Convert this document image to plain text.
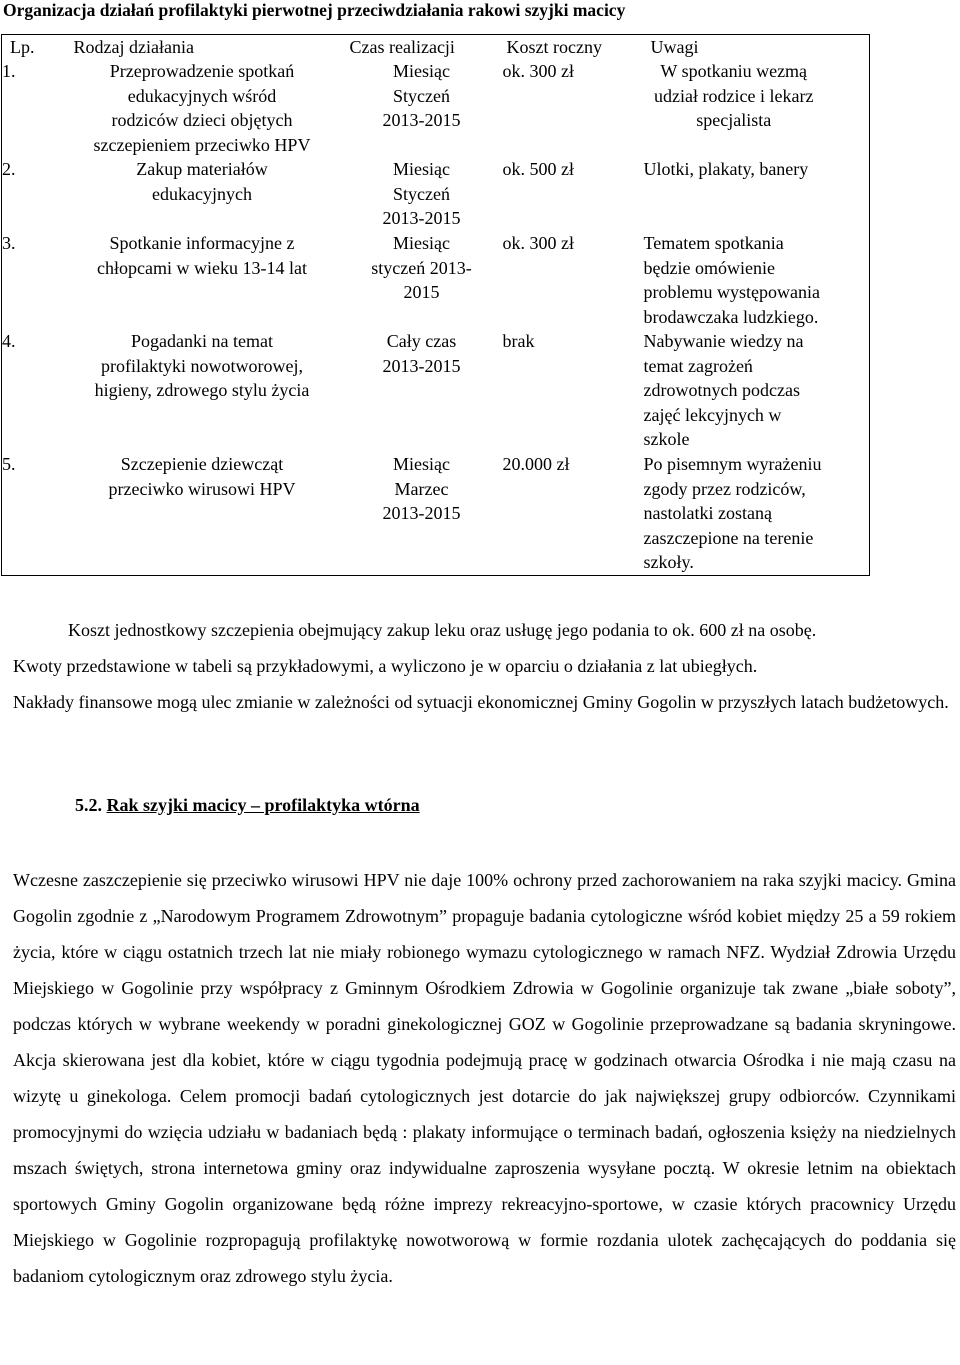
Organizacja działań profilaktyki pierwotnej przeciwdziałania rakowi szyjki macicy
Lp.	Rodzaj działania	Czas realizacji	Koszt roczny	Uwagi	
1.	Przeprowadzenie spotkań
edukacyjnych wśród
rodziców dzieci objętych
szczepieniem przeciwko HPV	Miesiąc
Styczeń
2013-2015	ok. 300 zł	W spotkaniu wezmą
udział rodzice i lekarz
specjalista	

2.	Zakup materiałów
edukacyjnych	Miesiąc
Styczeń
2013-2015	ok. 500 zł	Ulotki, plakaty, banery	
3.	Spotkanie informacyjne z
chłopcami w wieku 13-14 lat	Miesiąc
styczeń 2013-
2015	ok. 300 zł	Tematem spotkania
będzie omówienie
problemu występowania
brodawczaka ludzkiego.	

4.	Pogadanki na temat
profilaktyki nowotworowej,
higieny, zdrowego stylu życia	Cały czas
2013-2015	brak	Nabywanie wiedzy na
temat zagrożeń
zdrowotnych podczas
zajęć lekcyjnych w
szkole	

5.	Szczepienie dziewcząt
przeciwko wirusowi HPV	Miesiąc
Marzec
2013-2015	20.000 zł	Po pisemnym wyrażeniu
zgody przez rodziców,
nastolatki zostaną
zaszczepione na terenie
szkoły.	
Koszt jednostkowy szczepienia obejmujący zakup leku oraz usługę jego podania to ok. 600 zł na osobę.
Kwoty przedstawione w tabeli są przykładowymi, a wyliczono je w oparciu o działania z lat ubiegłych.
Nakłady finansowe mogą ulec zmianie w zależności od sytuacji ekonomicznej Gminy Gogolin w przyszłych latach budżetowych.
5.2. Rak szyjki macicy – profilaktyka wtórna

Wczesne zaszczepienie się przeciwko wirusowi HPV nie daje 100% ochrony przed zachorowaniem na raka szyjki macicy. Gmina Gogolin zgodnie z „Narodowym Programem Zdrowotnym” propaguje badania cytologiczne wśród kobiet między 25 a 59 rokiem życia, które w ciągu ostatnich trzech lat nie miały robionego wymazu cytologicznego w ramach NFZ. Wydział Zdrowia Urzędu Miejskiego w Gogolinie przy współpracy z Gminnym Ośrodkiem Zdrowia w Gogolinie organizuje tak zwane „białe soboty”, podczas których w wybrane weekendy w poradni ginekologicznej GOZ w Gogolinie przeprowadzane są badania skryningowe. Akcja skierowana jest dla kobiet, które w ciągu tygodnia podejmują pracę w godzinach otwarcia Ośrodka i nie mają czasu na wizytę u ginekologa. Celem promocji badań cytologicznych jest dotarcie do jak największej grupy odbiorców. Czynnikami promocyjnymi do wzięcia udziału w badaniach będą : plakaty informujące o terminach badań, ogłoszenia księży na niedzielnych mszach świętych, strona internetowa gminy oraz indywidualne zaproszenia wysyłane pocztą. W okresie letnim na obiektach sportowych Gminy Gogolin organizowane będą różne imprezy rekreacyjno-sportowe, w czasie których pracownicy Urzędu Miejskiego w Gogolinie rozpropagują profilaktykę nowotworową w formie rozdania ulotek zachęcających do poddania się badaniom cytologicznym oraz zdrowego stylu życia.
